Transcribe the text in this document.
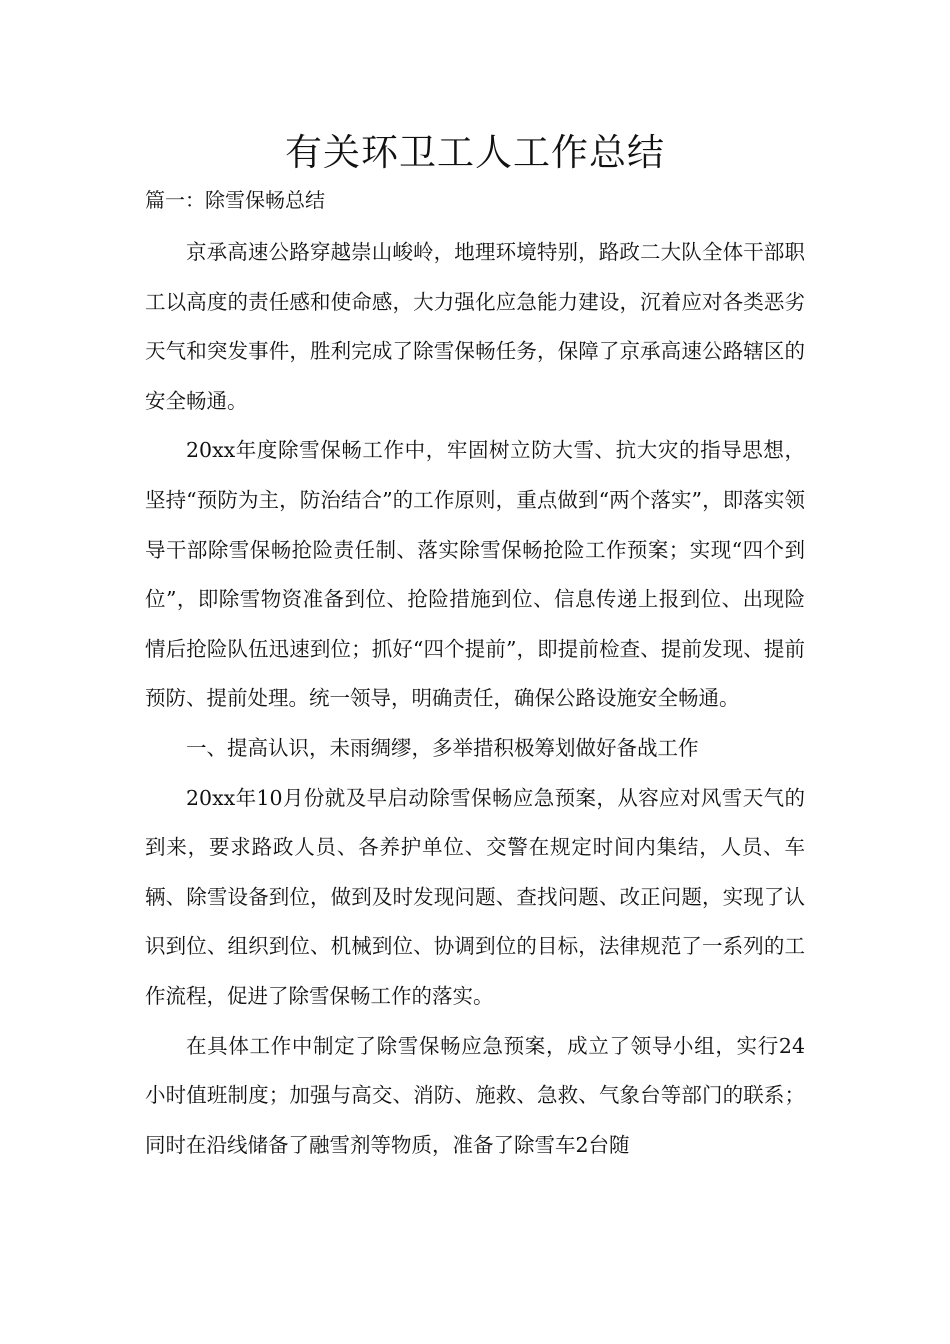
有关环卫工人工作总结
篇一：除雪保畅总结

京承高速公路穿越崇山峻岭，地理环境特别，路政二大队全体干部职工以高度的责任感和使命感，大力强化应急能力建设，沉着应对各类恶劣天气和突发事件，胜利完成了除雪保畅任务，保障了京承高速公路辖区的安全畅通。

20xx年度除雪保畅工作中，牢固树立防大雪、抗大灾的指导思想，坚持“预防为主，防治结合”的工作原则，重点做到“两个落实”，即落实领导干部除雪保畅抢险责任制、落实除雪保畅抢险工作预案；实现“四个到位”，即除雪物资准备到位、抢险措施到位、信息传递上报到位、出现险情后抢险队伍迅速到位；抓好“四个提前”，即提前检查、提前发现、提前预防、提前处理。统一领导，明确责任，确保公路设施安全畅通。

一、提高认识，未雨绸缪，多举措积极筹划做好备战工作

20xx年10月份就及早启动除雪保畅应急预案，从容应对风雪天气的到来，要求路政人员、各养护单位、交警在规定时间内集结，人员、车辆、除雪设备到位，做到及时发现问题、查找问题、改正问题，实现了认识到位、组织到位、机械到位、协调到位的目标，法律规范了一系列的工作流程，促进了除雪保畅工作的落实。

在具体工作中制定了除雪保畅应急预案，成立了领导小组，实行24小时值班制度；加强与高交、消防、施救、急救、气象台等部门的联系；同时在沿线储备了融雪剂等物质，准备了除雪车2台随
